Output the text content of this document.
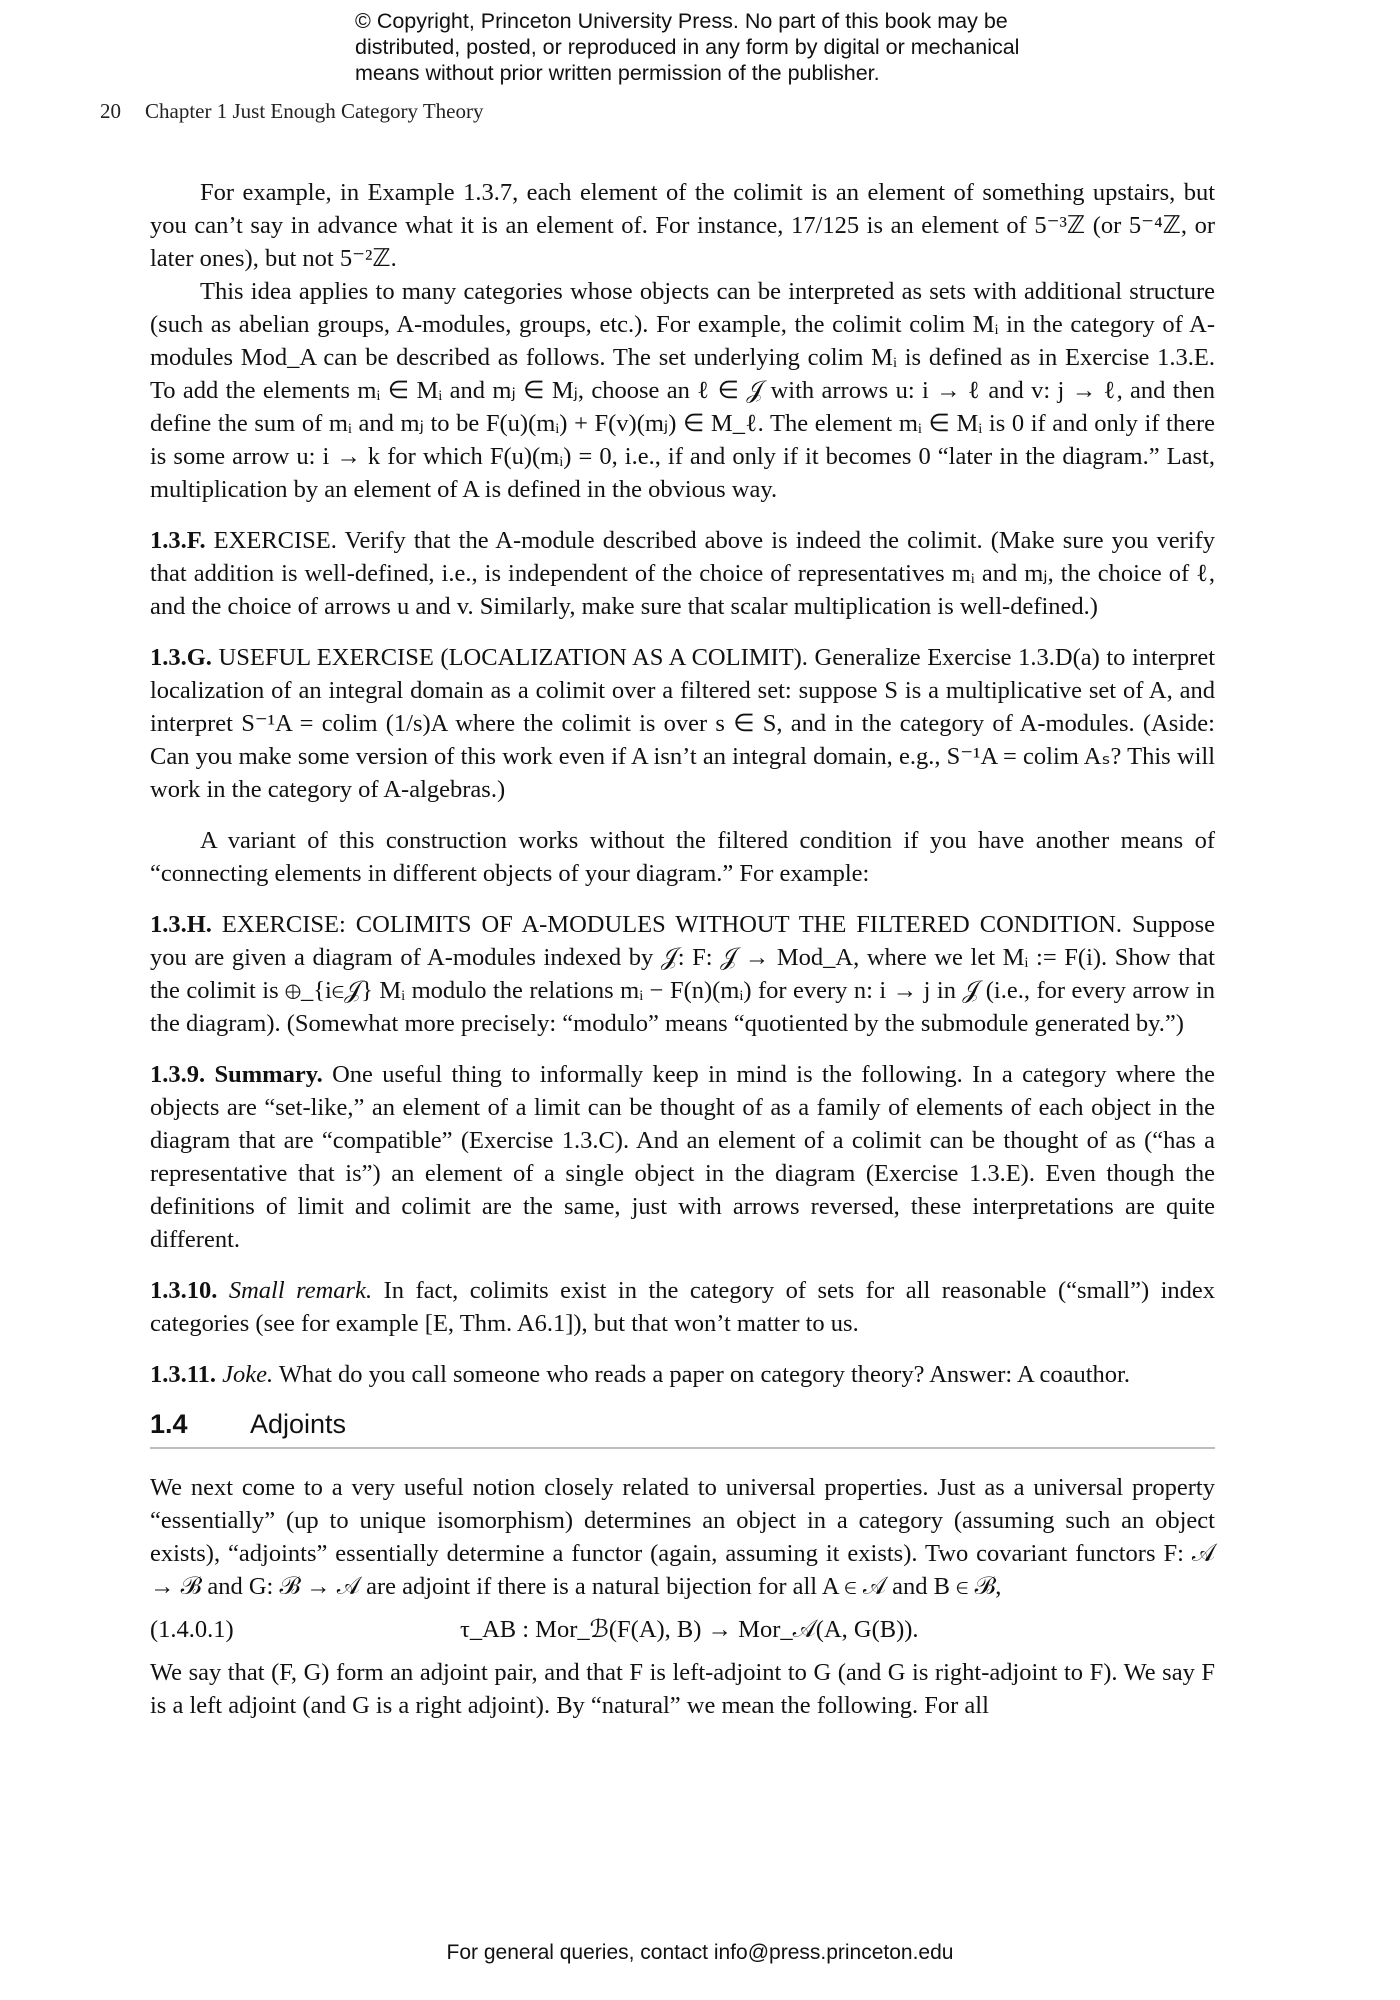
© Copyright, Princeton University Press. No part of this book may be
distributed, posted, or reproduced in any form by digital or mechanical
means without prior written permission of the publisher.
20 Chapter 1 Just Enough Category Theory

For example, in Example 1.3.7, each element of the colimit is an element of something upstairs, but you can’t say in advance what it is an element of. For instance, 17/125 is an element of 5⁻³ℤ (or 5⁻⁴ℤ, or later ones), but not 5⁻²ℤ.

This idea applies to many categories whose objects can be interpreted as sets with additional structure (such as abelian groups, A-modules, groups, etc.). For example, the colimit colim Mᵢ in the category of A-modules Mod_A can be described as follows. The set underlying colim Mᵢ is defined as in Exercise 1.3.E. To add the elements mᵢ ∈ Mᵢ and mⱼ ∈ Mⱼ, choose an ℓ ∈ 𝒥 with arrows u: i → ℓ and v: j → ℓ, and then define the sum of mᵢ and mⱼ to be F(u)(mᵢ) + F(v)(mⱼ) ∈ M_ℓ. The element mᵢ ∈ Mᵢ is 0 if and only if there is some arrow u: i → k for which F(u)(mᵢ) = 0, i.e., if and only if it becomes 0 “later in the diagram.” Last, multiplication by an element of A is defined in the obvious way.

1.3.F. EXERCISE. Verify that the A-module described above is indeed the colimit. (Make sure you verify that addition is well-defined, i.e., is independent of the choice of representatives mᵢ and mⱼ, the choice of ℓ, and the choice of arrows u and v. Similarly, make sure that scalar multiplication is well-defined.)

1.3.G. USEFUL EXERCISE (LOCALIZATION AS A COLIMIT). Generalize Exercise 1.3.D(a) to interpret localization of an integral domain as a colimit over a filtered set: suppose S is a multiplicative set of A, and interpret S⁻¹A = colim (1/s)A where the colimit is over s ∈ S, and in the category of A-modules. (Aside: Can you make some version of this work even if A isn’t an integral domain, e.g., S⁻¹A = colim Aₛ? This will work in the category of A-algebras.)

A variant of this construction works without the filtered condition if you have another means of “connecting elements in different objects of your diagram.” For example:

1.3.H. EXERCISE: COLIMITS OF A-MODULES WITHOUT THE FILTERED CONDITION. Suppose you are given a diagram of A-modules indexed by 𝒥: F: 𝒥 → Mod_A, where we let Mᵢ := F(i). Show that the colimit is ⊕_{i∈𝒥} Mᵢ modulo the relations mᵢ − F(n)(mᵢ) for every n: i → j in 𝒥 (i.e., for every arrow in the diagram). (Somewhat more precisely: “modulo” means “quotiented by the submodule generated by.”)

1.3.9. Summary. One useful thing to informally keep in mind is the following. In a category where the objects are “set-like,” an element of a limit can be thought of as a family of elements of each object in the diagram that are “compatible” (Exercise 1.3.C). And an element of a colimit can be thought of as (“has a representative that is”) an element of a single object in the diagram (Exercise 1.3.E). Even though the definitions of limit and colimit are the same, just with arrows reversed, these interpretations are quite different.

1.3.10. Small remark. In fact, colimits exist in the category of sets for all reasonable (“small”) index categories (see for example [E, Thm. A6.1]), but that won’t matter to us.

1.3.11. Joke. What do you call someone who reads a paper on category theory? Answer: A coauthor.

1.4 Adjoints

We next come to a very useful notion closely related to universal properties. Just as a universal property “essentially” (up to unique isomorphism) determines an object in a category (assuming such an object exists), “adjoints” essentially determine a functor (again, assuming it exists). Two covariant functors F: 𝒜 → ℬ and G: ℬ → 𝒜 are adjoint if there is a natural bijection for all A ∈ 𝒜 and B ∈ ℬ,

(1.4.0.1)	τ_AB : Mor_ℬ(F(A), B) → Mor_𝒜(A, G(B)).

We say that (F, G) form an adjoint pair, and that F is left-adjoint to G (and G is right-adjoint to F). We say F is a left adjoint (and G is a right adjoint). By “natural” we mean the following. For all

For general queries, contact info@press.princeton.edu
